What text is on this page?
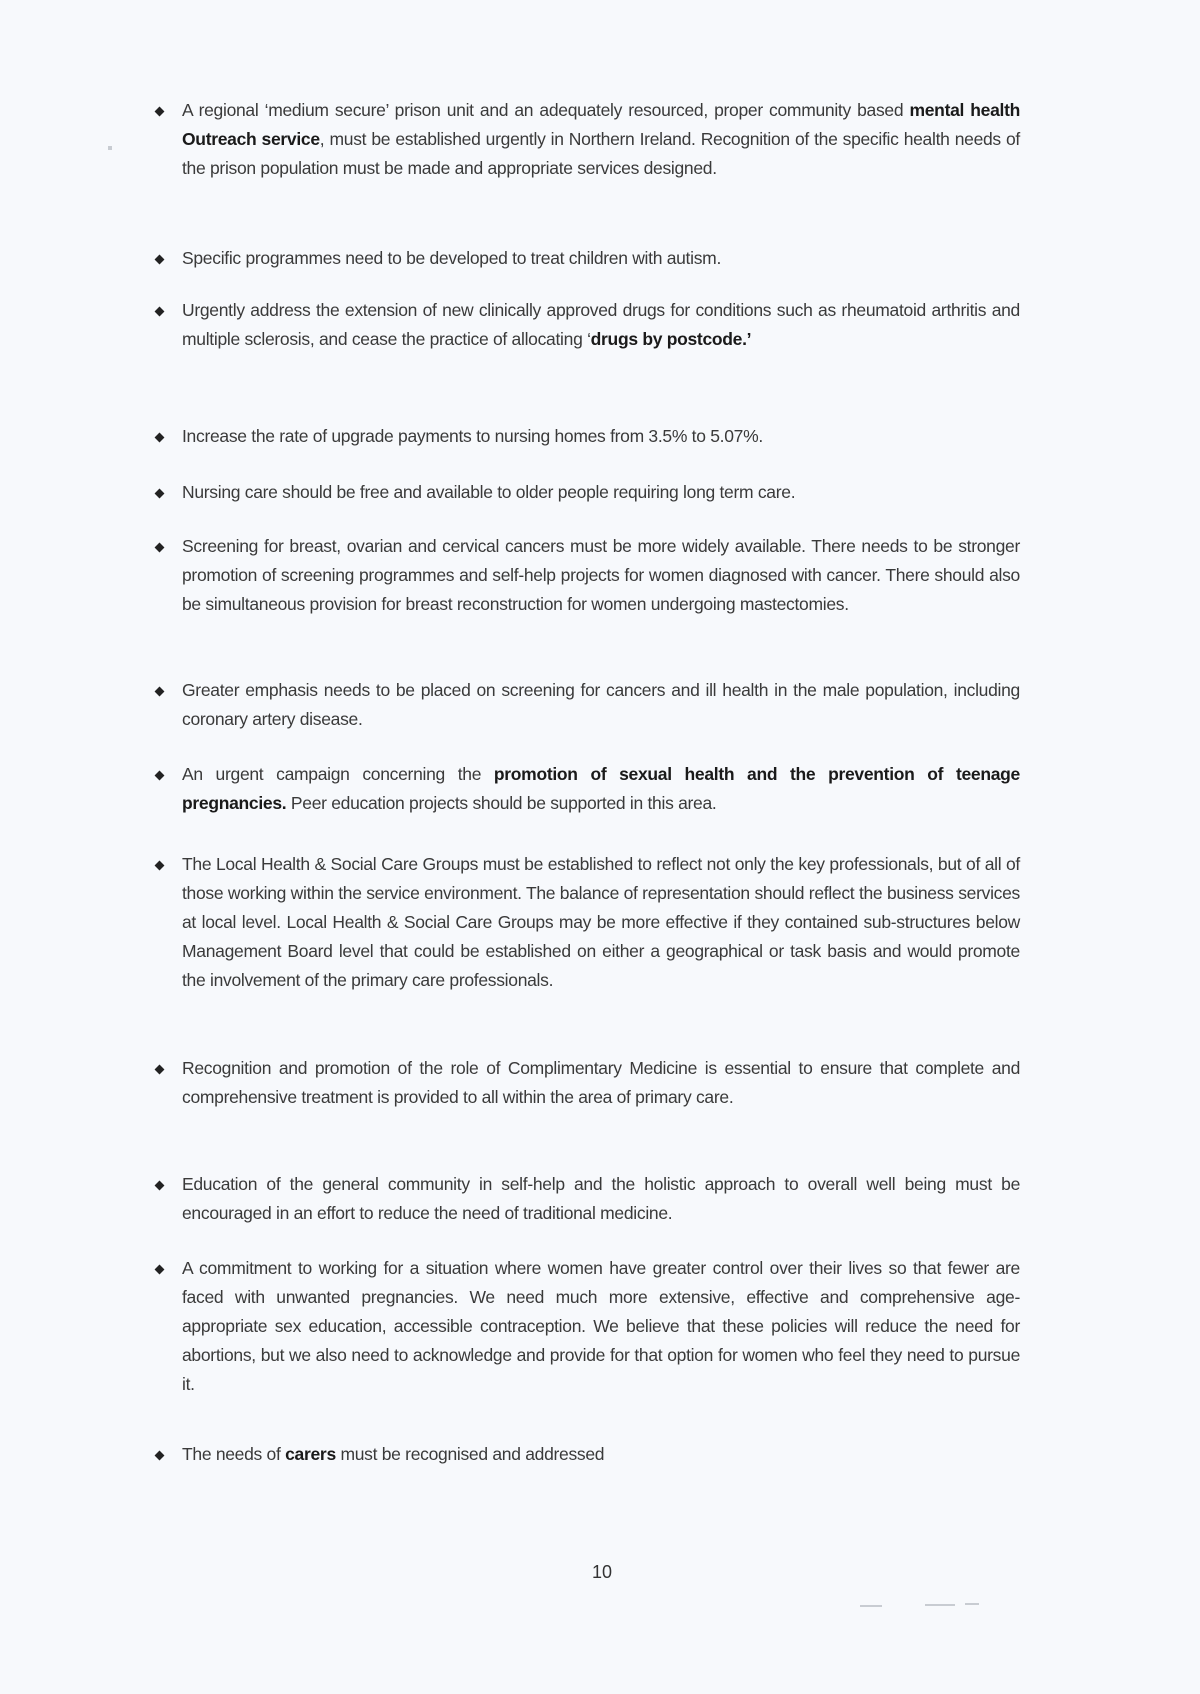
A regional ‘medium secure’ prison unit and an adequately resourced, proper community based mental health Outreach service, must be established urgently in Northern Ireland. Recognition of the specific health needs of the prison population must be made and appropriate services designed.
Specific programmes need to be developed to treat children with autism.
Urgently address the extension of new clinically approved drugs for conditions such as rheumatoid arthritis and multiple sclerosis, and cease the practice of allocating ‘drugs by postcode.’
Increase the rate of upgrade payments to nursing homes from 3.5% to 5.07%.
Nursing care should be free and available to older people requiring long term care.
Screening for breast, ovarian and cervical cancers must be more widely available. There needs to be stronger promotion of screening programmes and self-help projects for women diagnosed with cancer. There should also be simultaneous provision for breast reconstruction for women undergoing mastectomies.
Greater emphasis needs to be placed on screening for cancers and ill health in the male population, including coronary artery disease.
An urgent campaign concerning the promotion of sexual health and the prevention of teenage pregnancies. Peer education projects should be supported in this area.
The Local Health & Social Care Groups must be established to reflect not only the key professionals, but of all of those working within the service environment. The balance of representation should reflect the business services at local level. Local Health & Social Care Groups may be more effective if they contained sub-structures below Management Board level that could be established on either a geographical or task basis and would promote the involvement of the primary care professionals.
Recognition and promotion of the role of Complimentary Medicine is essential to ensure that complete and comprehensive treatment is provided to all within the area of primary care.
Education of the general community in self-help and the holistic approach to overall well being must be encouraged in an effort to reduce the need of traditional medicine.
A commitment to working for a situation where women have greater control over their lives so that fewer are faced with unwanted pregnancies. We need much more extensive, effective and comprehensive age-appropriate sex education, accessible contraception. We believe that these policies will reduce the need for abortions, but we also need to acknowledge and provide for that option for women who feel they need to pursue it.
The needs of carers must be recognised and addressed
10
